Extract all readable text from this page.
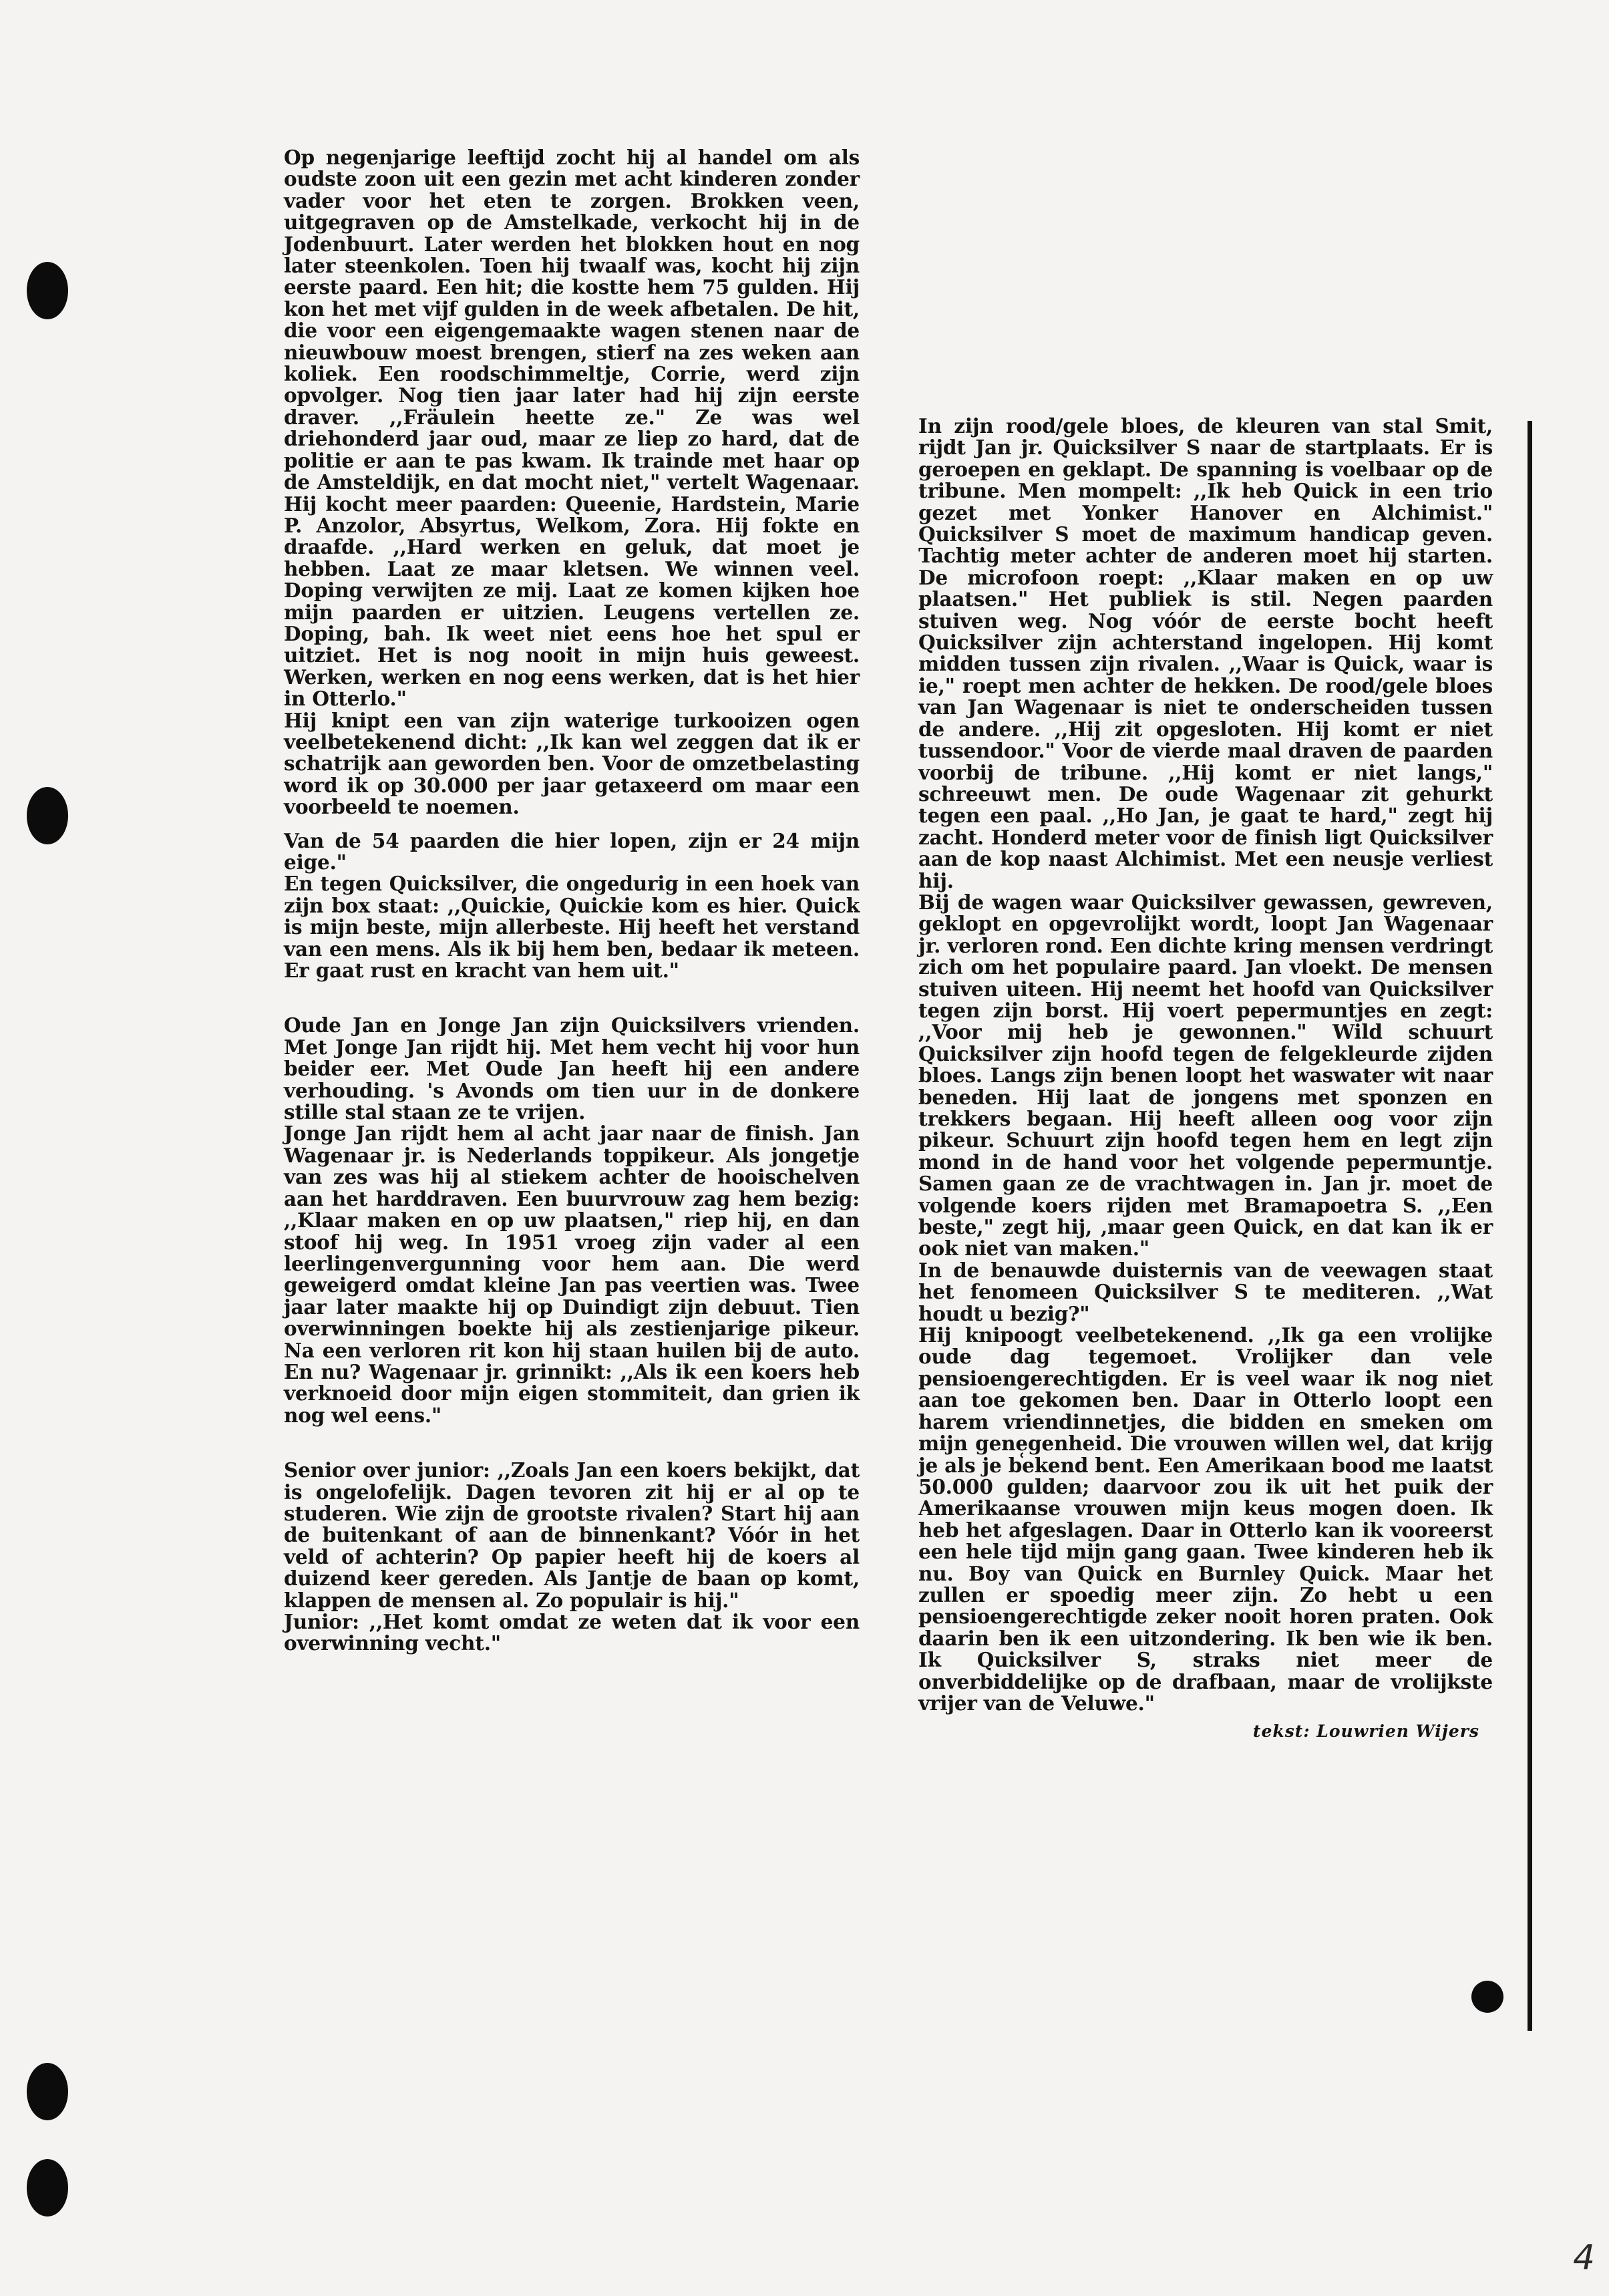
Op negenjarige leeftijd zocht hij al handel om als oudste zoon uit een gezin met acht kinderen zonder vader voor het eten te zorgen. Brokken veen, uitgegraven op de Amstelkade, verkocht hij in de Jodenbuurt. Later werden het blokken hout en nog later steenkolen. Toen hij twaalf was, kocht hij zijn eerste paard. Een hit; die kostte hem 75 gulden. Hij kon het met vijf gulden in de week afbetalen. De hit, die voor een eigengemaakte wagen stenen naar de nieuwbouw moest brengen, stierf na zes weken aan koliek. Een roodschimmeltje, Corrie, werd zijn opvolger. Nog tien jaar later had hij zijn eerste draver. ,,Fräulein heette ze." Ze was wel driehonderd jaar oud, maar ze liep zo hard, dat de politie er aan te pas kwam. Ik trainde met haar op de Amsteldijk, en dat mocht niet," vertelt Wagenaar. Hij kocht meer paarden: Queenie, Hardstein, Marie P. Anzolor, Absyrtus, Welkom, Zora. Hij fokte en draafde. ,,Hard werken en geluk, dat moet je hebben. Laat ze maar kletsen. We winnen veel. Doping verwijten ze mij. Laat ze komen kijken hoe mijn paarden er uitzien. Leugens vertellen ze. Doping, bah. Ik weet niet eens hoe het spul er uitziet. Het is nog nooit in mijn huis geweest. Werken, werken en nog eens werken, dat is het hier in Otterlo."

Hij knipt een van zijn waterige turkooizen ogen veelbetekenend dicht: ,,Ik kan wel zeggen dat ik er schatrijk aan geworden ben. Voor de omzetbelasting word ik op 30.000 per jaar getaxeerd om maar een voorbeeld te noemen.

Van de 54 paarden die hier lopen, zijn er 24 mijn eige."

En tegen Quicksilver, die ongedurig in een hoek van zijn box staat: ,,Quickie, Quickie kom es hier. Quick is mijn beste, mijn allerbeste. Hij heeft het verstand van een mens. Als ik bij hem ben, bedaar ik meteen. Er gaat rust en kracht van hem uit."

Oude Jan en Jonge Jan zijn Quicksilvers vrienden. Met Jonge Jan rijdt hij. Met hem vecht hij voor hun beider eer. Met Oude Jan heeft hij een andere verhouding. 's Avonds om tien uur in de donkere stille stal staan ze te vrijen.

Jonge Jan rijdt hem al acht jaar naar de finish. Jan Wagenaar jr. is Nederlands toppikeur. Als jongetje van zes was hij al stiekem achter de hooischelven aan het harddraven. Een buurvrouw zag hem bezig: ,,Klaar maken en op uw plaatsen," riep hij, en dan stoof hij weg. In 1951 vroeg zijn vader al een leerlingenvergunning voor hem aan. Die werd geweigerd omdat kleine Jan pas veertien was. Twee jaar later maakte hij op Duindigt zijn debuut. Tien overwinningen boekte hij als zestienjarige pikeur. Na een verloren rit kon hij staan huilen bij de auto. En nu? Wagenaar jr. grinnikt: ,,Als ik een koers heb verknoeid door mijn eigen stommiteit, dan grien ik nog wel eens."

Senior over junior: ,,Zoals Jan een koers bekijkt, dat is ongelofelijk. Dagen tevoren zit hij er al op te studeren. Wie zijn de grootste rivalen? Start hij aan de buitenkant of aan de binnenkant? Vóór in het veld of achterin? Op papier heeft hij de koers al duizend keer gereden. Als Jantje de baan op komt, klappen de mensen al. Zo populair is hij."

Junior: ,,Het komt omdat ze weten dat ik voor een overwinning vecht."

In zijn rood/gele bloes, de kleuren van stal Smit, rijdt Jan jr. Quicksilver S naar de startplaats. Er is geroepen en geklapt. De spanning is voelbaar op de tribune. Men mompelt: ,,Ik heb Quick in een trio gezet met Yonker Hanover en Alchimist." Quicksilver S moet de maximum handicap geven. Tachtig meter achter de anderen moet hij starten. De microfoon roept: ,,Klaar maken en op uw plaatsen." Het publiek is stil. Negen paarden stuiven weg. Nog vóór de eerste bocht heeft Quicksilver zijn achterstand ingelopen. Hij komt midden tussen zijn rivalen. ,,Waar is Quick, waar is ie," roept men achter de hekken. De rood/gele bloes van Jan Wagenaar is niet te onderscheiden tussen de andere. ,,Hij zit opgesloten. Hij komt er niet tussendoor." Voor de vierde maal draven de paarden voorbij de tribune. ,,Hij komt er niet langs," schreeuwt men. De oude Wagenaar zit gehurkt tegen een paal. ,,Ho Jan, je gaat te hard," zegt hij zacht. Honderd meter voor de finish ligt Quicksilver aan de kop naast Alchimist. Met een neusje verliest hij.

Bij de wagen waar Quicksilver gewassen, gewreven, geklopt en opgevrolijkt wordt, loopt Jan Wagenaar jr. verloren rond. Een dichte kring mensen verdringt zich om het populaire paard. Jan vloekt. De mensen stuiven uiteen. Hij neemt het hoofd van Quicksilver tegen zijn borst. Hij voert pepermuntjes en zegt: ,,Voor mij heb je gewonnen." Wild schuurt Quicksilver zijn hoofd tegen de felgekleurde zijden bloes. Langs zijn benen loopt het waswater wit naar beneden. Hij laat de jongens met sponzen en trekkers begaan. Hij heeft alleen oog voor zijn pikeur. Schuurt zijn hoofd tegen hem en legt zijn mond in de hand voor het volgende pepermuntje. Samen gaan ze de vrachtwagen in. Jan jr. moet de volgende koers rijden met Bramapoetra S. ,,Een beste," zegt hij, ,maar geen Quick, en dat kan ik er ook niet van maken."

In de benauwde duisternis van de veewagen staat het fenomeen Quicksilver S te mediteren. ,,Wat houdt u bezig?"

Hij knipoogt veelbetekenend. ,,Ik ga een vrolijke oude dag tegemoet. Vrolijker dan vele pensioengerechtigden. Er is veel waar ik nog niet aan toe gekomen ben. Daar in Otterlo loopt een harem vriendinnetjes, die bidden en smeken om mijn gene̜genheid. Die vrouwen willen wel, dat krijg je als je bekend bent. Een Amerikaan bood me laatst 50.000 gulden; daarvoor zou ik uit het puik der Amerikaanse vrouwen mijn keus mogen doen. Ik heb het afgeslagen. Daar in Otterlo kan ik vooreerst een hele tijd mijn gang gaan. Twee kinderen heb ik nu. Boy van Quick en Burnley Quick. Maar het zullen er spoedig meer zijn. Zo hebt u een pensioengerechtigde zeker nooit horen praten. Ook daarin ben ik een uitzondering. Ik ben wie ik ben. Ik Quicksilver S, straks niet meer de onverbiddelijke op de drafbaan, maar de vrolijkste vrijer van de Veluwe."

tekst: Louwrien Wijers

4
